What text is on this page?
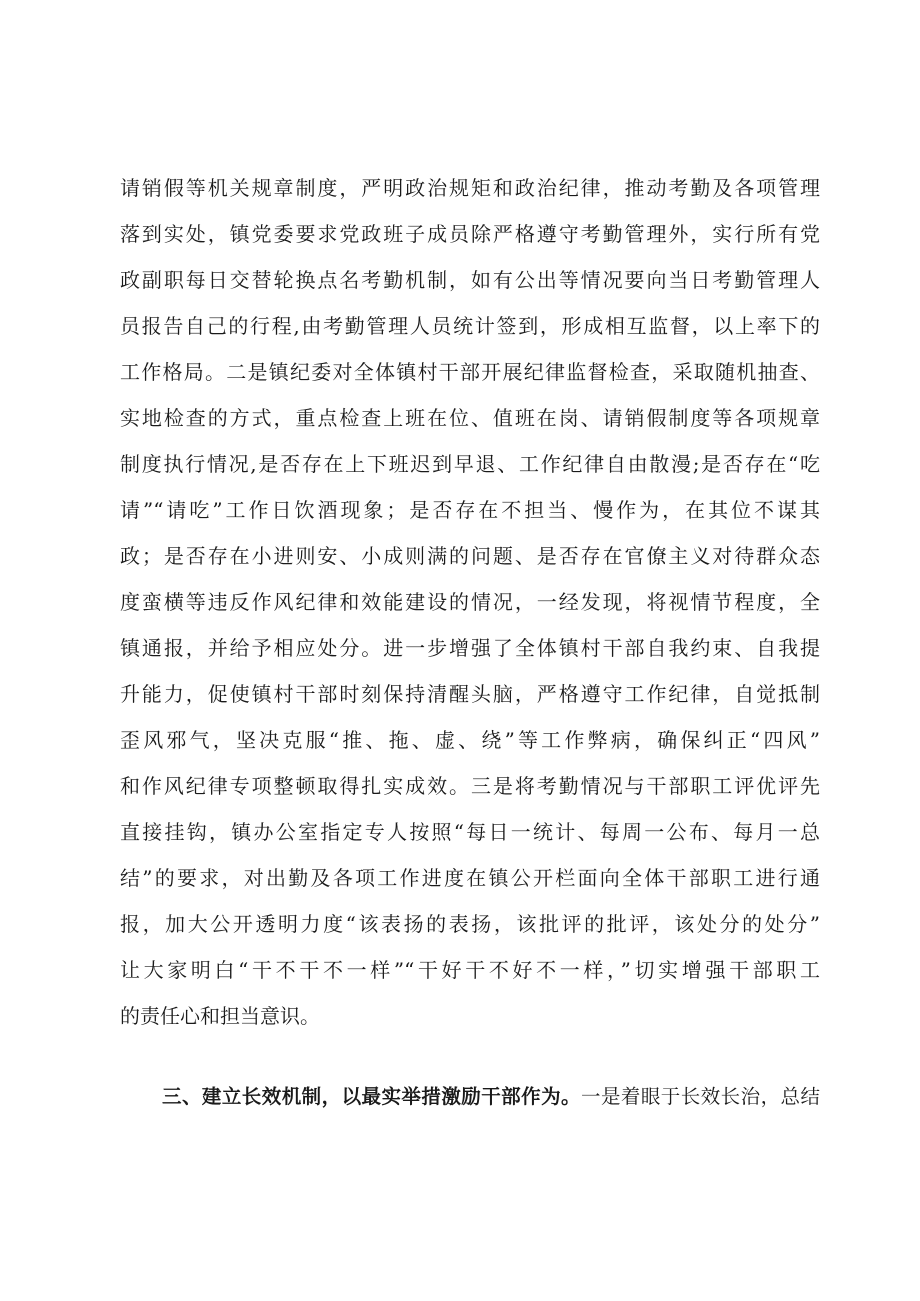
请销假等机关规章制度，严明政治规矩和政治纪律，推动考勤及各项管理
落到实处，镇党委要求党政班子成员除严格遵守考勤管理外，实行所有党
政副职每日交替轮换点名考勤机制，如有公出等情况要向当日考勤管理人
员报告自己的行程,由考勤管理人员统计签到，形成相互监督，以上率下的
工作格局。二是镇纪委对全体镇村干部开展纪律监督检查，采取随机抽查、
实地检查的方式，重点检查上班在位、值班在岗、请销假制度等各项规章
制度执行情况,是否存在上下班迟到早退、工作纪律自由散漫;是否存在“吃
请”“请吃”工作日饮酒现象；是否存在不担当、慢作为，在其位不谋其
政；是否存在小进则安、小成则满的问题、是否存在官僚主义对待群众态
度蛮横等违反作风纪律和效能建设的情况，一经发现，将视情节程度，全
镇通报，并给予相应处分。进一步增强了全体镇村干部自我约束、自我提
升能力，促使镇村干部时刻保持清醒头脑，严格遵守工作纪律，自觉抵制
歪风邪气，坚决克服“推、拖、虚、绕”等工作弊病，确保纠正“四风”
和作风纪律专项整顿取得扎实成效。三是将考勤情况与干部职工评优评先
直接挂钩，镇办公室指定专人按照“每日一统计、每周一公布、每月一总
结”的要求，对出勤及各项工作进度在镇公开栏面向全体干部职工进行通
报，加大公开透明力度“该表扬的表扬，该批评的批评，该处分的处分”
让大家明白“干不干不一样”“干好干不好不一样，”切实增强干部职工
的责任心和担当意识。
三、建立长效机制，以最实举措激励干部作为。一是着眼于长效长治，总结
